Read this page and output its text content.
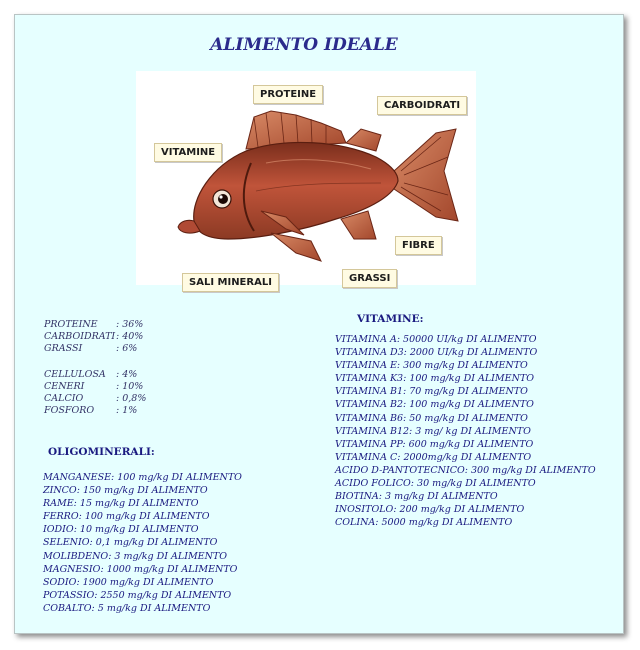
ALIMENTO IDEALE
PROTEINE
CARBOIDRATI
VITAMINE
FIBRE
GRASSI
SALI MINERALI
PROTEINE	: 36%
CARBOIDRATI : 40%
GRASSI	: 6%
CELLULOSA	: 4%
CENERI	: 10%
CALCIO	: 0,8%
FOSFORO	: 1%
OLIGOMINERALI:
MANGANESE: 100 mg/kg DI ALIMENTO
ZINCO: 150 mg/kg DI ALIMENTO
RAME: 15 mg/kg DI ALIMENTO
FERRO: 100 mg/kg DI ALIMENTO
IODIO: 10 mg/kg DI ALIMENTO
SELENIO: 0,1 mg/kg DI ALIMENTO
MOLIBDENO: 3 mg/kg DI ALIMENTO
MAGNESIO: 1000 mg/kg DI ALIMENTO
SODIO: 1900 mg/kg DI ALIMENTO
POTASSIO: 2550 mg/kg DI ALIMENTO
COBALTO: 5 mg/kg DI ALIMENTO
VITAMINE:
VITAMINA A: 50000 UI/kg DI ALIMENTO
VITAMINA D3: 2000 UI/kg DI ALIMENTO
VITAMINA E: 300 mg/kg DI ALIMENTO
VITAMINA K3: 100 mg/kg DI ALIMENTO
VITAMINA B1: 70 mg/kg DI ALIMENTO
VITAMINA B2: 100 mg/kg DI ALIMENTO
VITAMINA B6: 50 mg/kg DI ALIMENTO
VITAMINA B12: 3 mg/ kg DI ALIMENTO
VITAMINA PP: 600 mg/kg DI ALIMENTO
VITAMINA C: 2000mg/kg DI ALIMENTO
ACIDO D-PANTOTECNICO: 300 mg/kg DI ALIMENTO
ACIDO FOLICO: 30 mg/kg DI ALIMENTO
BIOTINA: 3 mg/kg DI ALIMENTO
INOSITOLO: 200 mg/kg DI ALIMENTO
COLINA: 5000 mg/kg DI ALIMENTO
